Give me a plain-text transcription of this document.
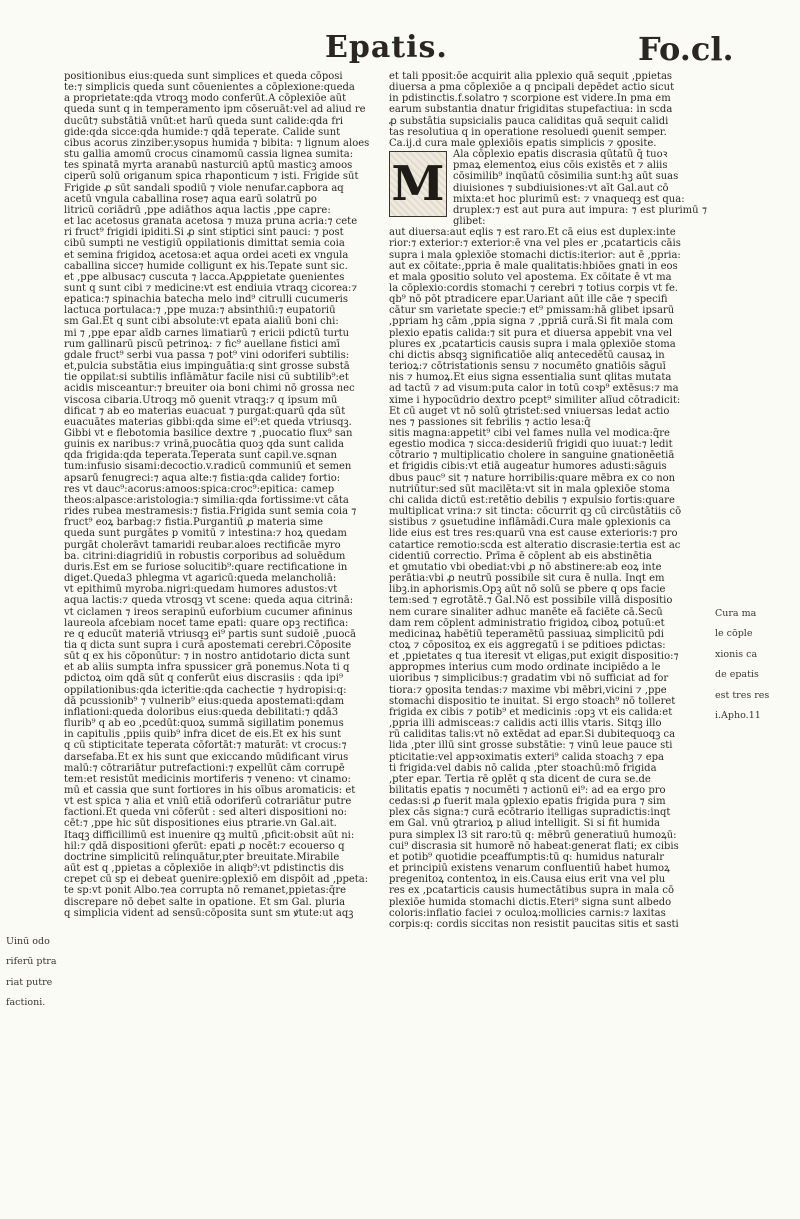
Epatis.	Fo.cl.

positionibus eius:queda sunt simplices et queda cōposi

te:⁊ simplicis queda sunt cōuenientes a cōplexione:queda

a proprietate:qda vtroqꝫ modo conferūt.A cōplexiōe aūt

queda sunt q in temperamento ipm cōseruāt:vel ad aliud re

ducūt⁊ substātiā vnūt:et harū queda sunt calide:qda fri

gide:qda sicce:qda humide:⁊ qdā teperate. Calide sunt

cibus acorus zinziber.ysopus humida ⁊ bibita: ⁊ lignum aloes

stu gallia amomū crocus cinamomū cassia lignea sumita:

tes spinatā myrta aranabū nasturciū aptū masticꝫ amoos

ciperū solū origanum spica rhaponticum ⁊ isti. Frigide sūt

Frigide ꝓ sūt sandali spodiū ⁊ viole nenufar.capbora aq

acetū vngula caballina rose⁊ aqua earū solatrū po

litricū coriādrū ,ppe adiāthos aqua lactis ,ppe capre:

et lac acetosus granata acetosa ⁊ muza pruna acria:⁊ cete

ri fruct⁹ frigidi ipiditi.Si ꝓ sint stiptici sint pauci: ⁊ post

cibū sumpti ne vestigiū oppilationis dimittat semia coia

et semina frigidoꝝ acetosa:et aqua ordei aceti ex vngula

caballina sicce⁊ humide colligunt ex his.Tepate sunt sic.

et ,ppe albusac⁊ cuscuta ⁊ lacca.Apꝓpietate ꝯuenientes

sunt q sunt cibi ⁊ medicine:vt est endiuia vtraqꝫ cicorea:⁊

epatica:⁊ spinachia batecha melo ind⁹ citrulli cucumeris

lactuca portulaca:⁊ ,ppe muza:⁊ absinthiū:⁊ eupatoriū

sm Gal.Et q sunt cibi absolute:vt epata aialiū boni chi:

mi ⁊ ,ppe epar aīdb carnes limatiarū ⁊ ericii pdictū turtu

rum gallinarū piscū petrinoꝝ: ⁊ fic⁹ auellane fistici amī

gdale fruct⁹ serbi vua passa ⁊ pot⁹ vini odoriferi subtilis:

et,pulcia substātia eius impinguātia:q sint grosse substā

tie oppilat:si subtilis inflāmātur facile nisi cū subtilib⁹:et

acidis misceantur:⁊ breuiter oia boni chimi nō grossa nec

viscosa cibaria.Utroqꝫ mō ꝯuenit vtraqꝫ:⁊ q ipsum mū

dificat ⁊ ab eo materias euacuat ⁊ purgat:quarū qda sūt

euacuātes materias gibbi:qda sime ei⁹:et queda vtriusqꝫ.

Gibbi vt e flebotomia basilice dextre ⁊ ,puocatio flux⁹ san

guinis ex naribus:⁊ vrinā,puocātia quoꝫ qda sunt calida

qda frigida:qda teperata.Teperata sunt capil.ve.sqnan

tum:infusio sisami:decoctio.v.radicū communiū et semen

apsarū fenugreci:⁊ aqua alte:⁊ fistia:qda calide⁊ fortio:

res vt dauc⁹:acorus:amoos:spica:croc⁹:epitica: camep

theos:alpasce:aristologia:⁊ similia:qda fortissime:vt cāta

rides rubea mestramesis:⁊ fistia.Frigida sunt semia coia ⁊

fruct⁹ eoꝝ barbag:⁊ fistia.Purgantiū ꝓ materia sime

queda sunt purgātes p vomitū ⁊ intestina:⁊ hoꝝ quedam

purgāt cholerāvt tamaridi reubar.aloes rectificāe myro

ba. citrini:diagridiū in robustis corporibus ad soluēdum

duris.Est em se furiose solucitib⁹:quare rectificatione in

diget.Queda3 phlegma vt agaricū:queda melancholiā:

vt epithimū myroba.nigri:quedam humores adustos:vt

aqua lactis:⁊ queda vtrosqꝫ vt scene: queda aqua citrinā:

vt ciclamen ⁊ ireos serapinū euforbium cucumer afininus

laureola afcebiam nocet tame epati: quare opꝫ rectifica:

re q educūt materiā vtriusqꝫ ei⁹ partis sunt sudoiē ,puocā

tia q dicta sunt supra i curā apostemati cerebri.Cōposite

sūt q ex his cōponūtur: ⁊ in nostro antidotario dicta sunt

et ab aliis sumpta infra spussicer grā ponemus.Nota ti q

pdictoꝝ oim qdā sūt q conferūt eius discrasiis : qda ipi⁹

oppilationibus:qda icteritie:qda cachectie ⁊ hydropisi:q:

dā pcussionib⁹ ⁊ vulnerib⁹ eius:queda apostemati:qdam

inflationi:queda doloribus eius:queda debilitati:⁊ qdā3

flurib⁹ q ab eo ,pcedūt:quoꝝ summā sigillatim ponemus

in capitulis ,ppiis quib⁹ infra dicet de eis.Et ex his sunt

q cū stipticitate teperata cōfortāt:⁊ maturāt: vt crocus:⁊

darsefaba.Et ex his sunt que exiccando mūdificant virus

malū:⁊ cōtrariātur putrefactioni:⁊ expellūt cām corrupē

tem:et resistūt medicinis mortiferis ⁊ veneno: vt cinamo:

mū et cassia que sunt fortiores in his oībus aromaticis: et

vt est spica ⁊ alia et vniū etiā odoriferū cotrariātur putre

factioni.Et queda vni cōferūt : sed alteri dispositioni no:

cēt:⁊ ,ppe hic sūt dispositiones eius ptrarie.vn Gal.ait.

Itaqꝫ difficillimū est inuenire qꝫ multū ,pficit:obsit aūt ni:

hil:⁊ qdā dispositioni ꝯferūt: epati ꝓ nocēt:⁊ ecouerso q

doctrine simplicitū relinquātur,pter breuitate.Mirabile

aūt est q ,ppietas a cōplexiōe in aliqb⁹:vt pdistinctis dis

crepet cū sp ei debeat ꝯuenire:ꝯplexiō em dispōit ad ,ppeta:

te sp:vt ponit Albo.⁊ea corrupta nō remanet,ppietas:q̄re

discrepare nō debet salte in opatione. Et sm Gal. pluria

q simplicia videnṫ ad sensū:cōposita sunt sm ꝟtute:ut aqꝫ

et tali pposit:ōe acquirit alia pplexio quā sequit ,ppietas

diuersa a pma cōplexiōe a q pncipali depēdet actio sicut

in pdistinctis.f.solatro ⁊ scorpione est videre.In pma em

earum substantia dnatur frigiditas stupefactiua: in scda

ꝓ substātia supsicialis pauca caliditas quā sequit calidi

tas resolutiua q in operatione resoluedi ꝯuenit semper.

Ca.ij.d cura male ꝯplexiōis epatis simplicis ⁊ ꝯposite.

M

Ala cōplexio epatis discrasia qūtatū q̄ tuoꝛ

pmaꝝ elementoꝝ eius cōis existēs et ⁊ aliis

cōsimilib⁹ inqūatū cōsimilia sunt:hꝫ aūt suas

diuisiones ⁊ subdiuisiones:vt aīt Gal.aut cō

mixta:et hoc plurimū est: ⁊ vnaqueqꝫ est qua:

druplex:⁊ est aut pura aut impura: ⁊ est plurimū ⁊ glibet:

aut diuersa:aut eqlis ⁊ est raro.Et cā eius est duplex:inte

rior:⁊ exterior:⁊ exterior:ē vna vel ples er ,pcatarticis cāis

supra i mala ꝯplexiōe stomachi dictis:iterior: aut ē ,ppria:

aut ex cōitate:,ppria ē male qualitatis:hbiōes gnati in eos

et mala ꝯpositio soluto vel apostema. Ex cōitate ē vt ma

la cōplexio:cordis stomachi ⁊ cerebri ⁊ totius corpis vt fe.

qb⁹ nō pōt ptradicere epar.Uariant aūt ille cāe ⁊ specifi

cātur sm varietate specie:⁊ et⁹ pmissam:hā glibet ipsarū

,ppriam hꝫ cām ,ppia signa ⁊ ,ppriā curā.Si fit mala com

plexio epatis calida:⁊ sit pura et diuersa appebit vna vel

plures ex ,pcatarticis causis supra i mala ꝯplexiōe stoma

chi dictis absqꝫ significatiōe aliq antecedētū causaꝝ in

terioꝝ:⁊ cōtristationis sensu ⁊ nocumēto gnatiōis sāguī

nis ⁊ humoꝝ.Et eius signa essentialia sunt qlitas mutata

ad tactū ⁊ ad visum:puta calor in totū coꝛp⁹ extēsus:⁊ ma

xime i hypocūdrio dextro pcept⁹ similiter alīud cōtradicit:

Et cū auget vt nō solū ꝯtristet:sed vniuersas ledat actio

nes ⁊ passiones sit febrilis ⁊ actio lesa:q̄

sitis magna:appetit⁹ cibi vel fames nulla vel modica:q̄re

egestio modica ⁊ sicca:desideriū frigidi quo iuuat:⁊ ledit

cōtrario ⁊ multiplicatio cholere in sanguine gnationēetiā

et frigidis cibis:vt etiā augeatur humores adusti:sāguis

dbus pauc⁹ sit ⁊ nature horribilis:quare mēbra ex co non

nutriūtur:sed sūt macilēta:vt sit in mala ꝯplexiōe stoma

chi calida dictū est:retētio debilis ⁊ expulsio fortis:quare

multiplicat vrina:⁊ sit tincta: cōcurrit qꝫ cū circūstātiis cō

sistibus ⁊ ꝯsuetudine inflāmādi.Cura male ꝯplexionis ca

lide eius est tres res:quarū vna est cause exterioris:⁊ pro

catartice remotio:scda est alteratio discrasie:tertia est ac

cidentiū correctio. Prīma ē cōplent ab eis abstinētia

et ꝯmutatio vbi obediat:vbi ꝓ nō abstinere:ab eoꝝ inte

perātia:vbi ꝓ neutrū possibile sit cura ē nulla. Inqt em

libꝫ.in aphorismis.Opꝫ aūt nō solū se pbere q ops facie

tem:sed ⁊ egrotātē.⁊ Gal.Nō est possibile villā dispositio

nem curare sinaliter adhuc manēte eā faciēte cā.Secū

dam rem cōplent administratio frigidoꝝ ciboꝝ potuū:et

medicinaꝝ habētiū teperamētū passiuaꝝ simplicitū pdi

ctoꝝ ⁊ cōpositoꝝ ex eis aggregatū i se pditioes pdictas:

et ,ppietates q tua iteresit vt eligas,put exigit dispositio:⁊

appropmes interius cum modo ordinate incipiēdo a le

uioribus ⁊ simplicibus:⁊ gradatim vbi nō sufficiat ad for

tiora:⁊ ꝯposita tendas:⁊ maxime vbi mēbri,vicini ⁊ ,ppe

stomachi dispositio te inuitat. Si ergo stoach⁹ nō tolleret

frigida ex cibis ⁊ potib⁹ et medicinis :opꝫ vt eis calida:et

,ppria illi admisceas:⁊ calidis acti illis vtaris. Sitqꝫ illo

rū caliditas talis:vt nō extēdat ad epar.Si dubitequoqꝫ ca

lida ,pter illū sint grosse substātie: ⁊ vinū leue pauce sti

pticitatie:vel appꝛoximatis exteri⁹ calida stoachꝫ ⁊ epa

ti frigida:vel dabis nō calida ,pter stoachū:mō frigida

,pter epar. Tertia rē ꝯplēt q sta dicent de cura se.de

bilitatis epatis ⁊ nocumēti ⁊ actionū ei⁹: ad ea ergo pro

cedas:si ꝓ fuerit mala ꝯplexio epatis frigida pura ⁊ sim

plex cās signa:⁊ curā ecōtrario itelligas supradictis:inqt

em Gal. vnū ꝯtrarioꝝ p aliud intelligit. Si si fit humida

pura simplex l3 sit raro:tū q: mēbrū generatiuū humoꝝū:

cui⁹ discrasia sit humorē nō habeat:generat flati; ex cibis

et potib⁹ quotidie pceaffumptis:tū q: humidus naturalr

et principiū existens venarum confluentiū habet humoꝝ

pregenitoꝝ contentoꝝ in eis.Causa eius erit vna vel plu

res ex ,pcatarticis causis humectātibus supra in mala cō

plexiōe humida stomachi dictis.Eteri⁹ signa sunt albedo

coloris:inflatio faciei ⁊ oculoꝝ:mollicies carnis:⁊ laxitas

corpis:q: cordis siccitas non resistit paucitas sitis et sasti

Uinū odo

riferū ptra

riat putre

factioni.

Cura ma

le cōple

xionis ca

de epatis

est tres res

i.Apho.11
